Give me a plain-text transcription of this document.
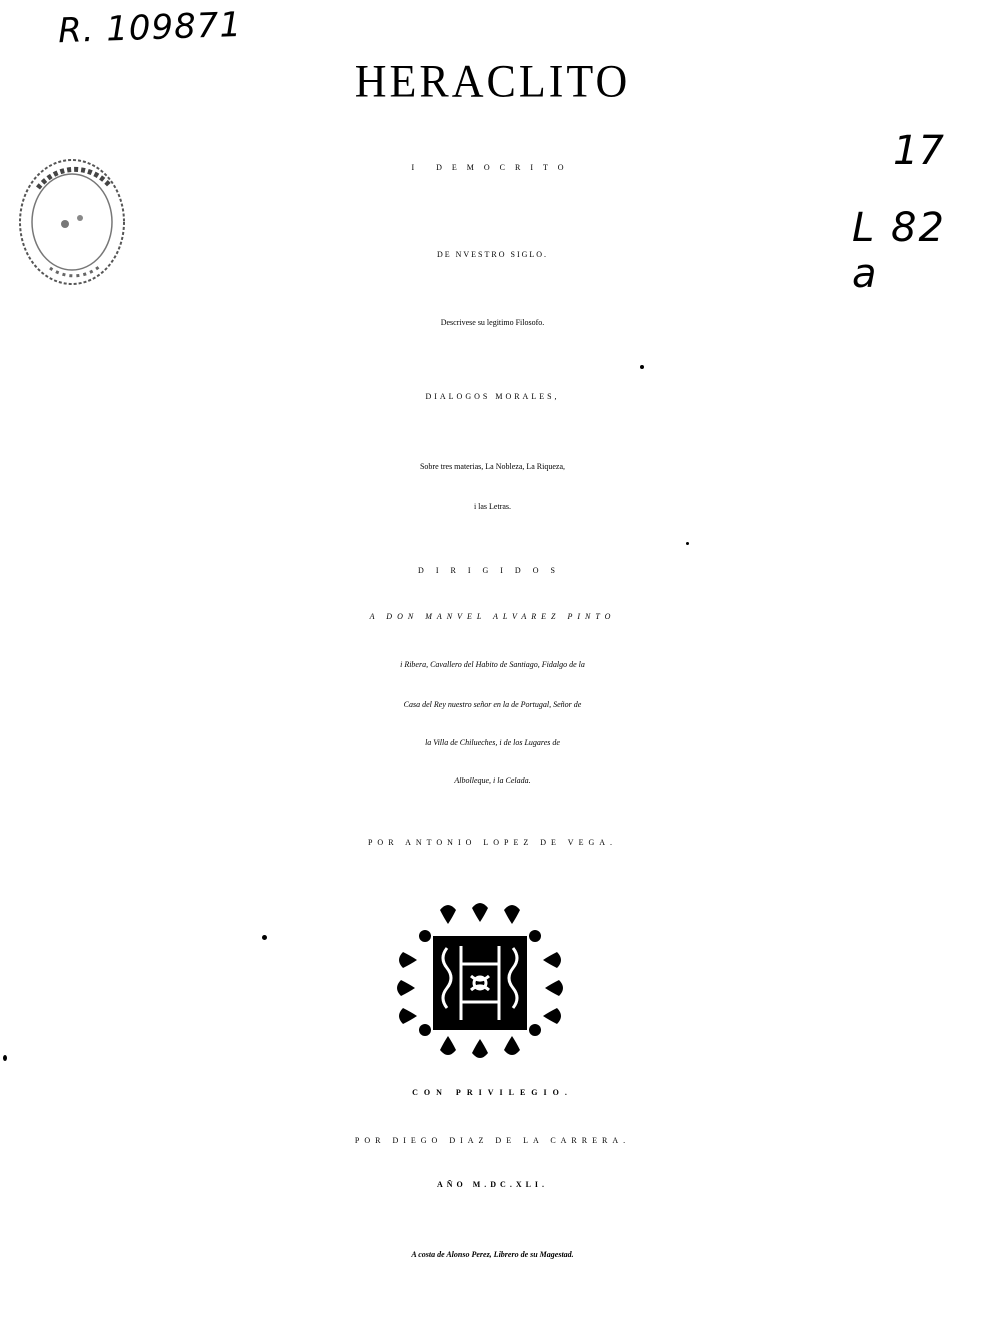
R. 109871
17
L 82 a
HERACLITO
I DEMOCRITO
DE NVESTRO SIGLO.
Descrivese su legitimo Filosofo.
DIALOGOS MORALES,
Sobre tres materias, La Nobleza, La Riqueza,
i las Letras.
DIRIGIDOS
A DON MANVEL ALVAREZ PINTO
i Ribera, Cavallero del Habito de Santiago, Fidalgo de la
Casa del Rey nuestro señor en la de Portugal, Señor de
la Villa de Chilueches, i de los Lugares de
Albolleque, i la Celada.
POR ANTONIO LOPEZ DE VEGA.
CON PRIVILEGIO.
POR DIEGO DIAZ DE LA CARRERA.
AÑO M.DC.XLI.
A costa de Alonso Perez, Librero de su Magestad.
